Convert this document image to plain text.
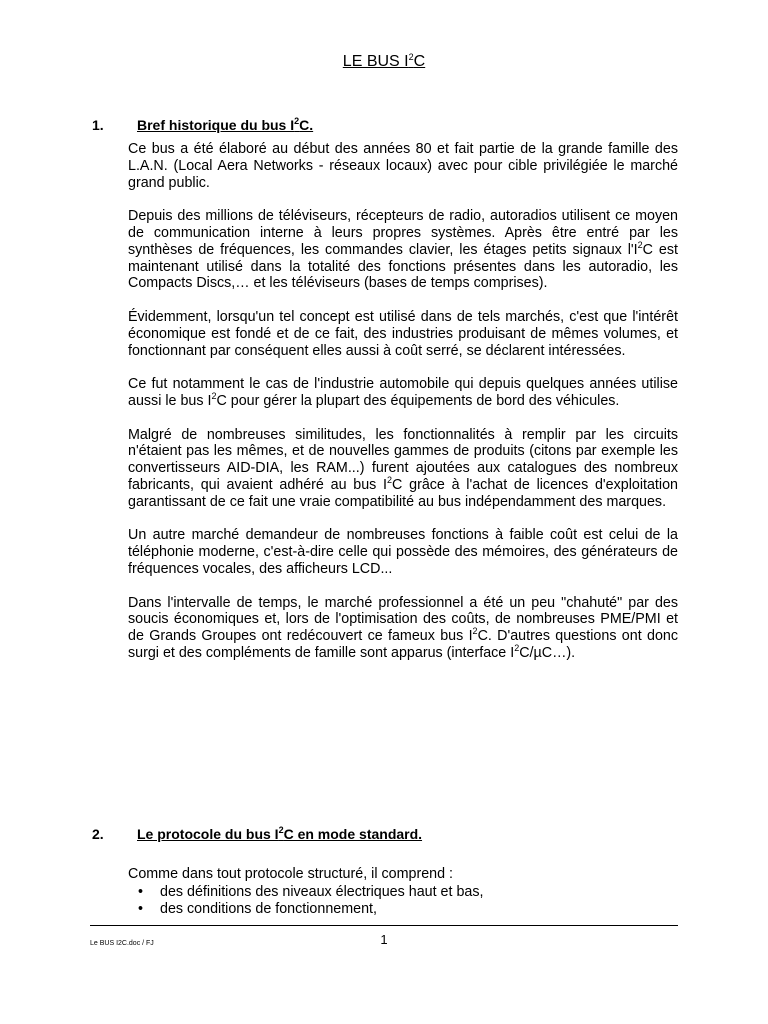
LE BUS $I^2C$
1. Bref historique du bus $I^2C$.

Ce bus a été élaboré au début des années 80 et fait partie de la grande famille des L.A.N. (Local Aera Networks - réseaux locaux) avec pour cible privilégiée le marché grand public.

Depuis des millions de téléviseurs, récepteurs de radio, autoradios utilisent ce moyen de communication interne à leurs propres systèmes. Après être entré par les synthèses de fréquences, les commandes clavier, les étages petits signaux $l'I^2C$ est maintenant utilisé dans la totalité des fonctions présentes dans les autoradio, les Compacts Discs,… et les téléviseurs (bases de temps comprises).

Évidemment, lorsqu'un tel concept est utilisé dans de tels marchés, c'est que l'intérêt économique est fondé et de ce fait, des industries produisant de mêmes volumes, et fonctionnant par conséquent elles aussi à coût serré, se déclarent intéressées.

Ce fut notamment le cas de l'industrie automobile qui depuis quelques années utilise aussi le bus $I^2C$ pour gérer la plupart des équipements de bord des véhicules.

Malgré de nombreuses similitudes, les fonctionnalités à remplir par les circuits n'étaient pas les mêmes, et de nouvelles gammes de produits (citons par exemple les convertisseurs AID-DIA, les RAM...) furent ajoutées aux catalogues des nombreux fabricants, qui avaient adhéré au bus $I^2C$ grâce à l'achat de licences d'exploitation garantissant de ce fait une vraie compatibilité au bus indépendamment des marques.

Un autre marché demandeur de nombreuses fonctions à faible coût est celui de la téléphonie moderne, c'est-à-dire celle qui possède des mémoires, des générateurs de fréquences vocales, des afficheurs LCD...

Dans l'intervalle de temps, le marché professionnel a été un peu "chahuté" par des soucis économiques et, lors de l'optimisation des coûts, de nombreuses PME/PMI et de Grands Groupes ont redécouvert ce fameux bus $I^2C$. D'autres questions ont donc surgi et des compléments de famille sont apparus (interface $I^2C/\mu C\dots$).

2. Le protocole du bus $I^2C$ en mode standard.
Comme dans tout protocole structuré, il comprend :
• des définitions des niveaux électriques haut et bas,
• des conditions de fonctionnement,
Le BUS I2C.doc / FJ	1
